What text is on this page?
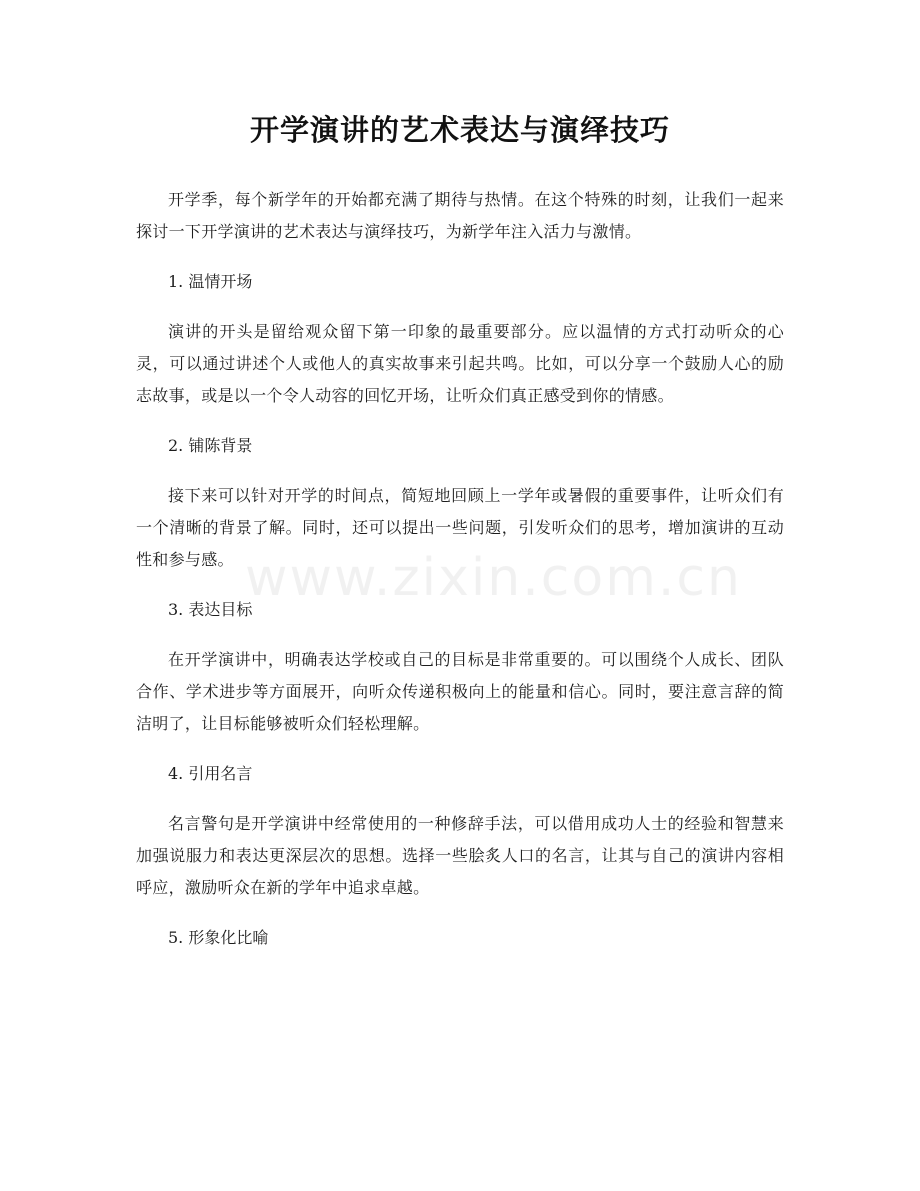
开学演讲的艺术表达与演绎技巧

开学季，每个新学年的开始都充满了期待与热情。在这个特殊的时刻，让我们一起来探讨一下开学演讲的艺术表达与演绎技巧，为新学年注入活力与激情。

1. 温情开场

演讲的开头是留给观众留下第一印象的最重要部分。应以温情的方式打动听众的心灵，可以通过讲述个人或他人的真实故事来引起共鸣。比如，可以分享一个鼓励人心的励志故事，或是以一个令人动容的回忆开场，让听众们真正感受到你的情感。

2. 铺陈背景

接下来可以针对开学的时间点，简短地回顾上一学年或暑假的重要事件，让听众们有一个清晰的背景了解。同时，还可以提出一些问题，引发听众们的思考，增加演讲的互动性和参与感。

3. 表达目标

在开学演讲中，明确表达学校或自己的目标是非常重要的。可以围绕个人成长、团队合作、学术进步等方面展开，向听众传递积极向上的能量和信心。同时，要注意言辞的简洁明了，让目标能够被听众们轻松理解。

4. 引用名言

名言警句是开学演讲中经常使用的一种修辞手法，可以借用成功人士的经验和智慧来加强说服力和表达更深层次的思想。选择一些脍炙人口的名言，让其与自己的演讲内容相呼应，激励听众在新的学年中追求卓越。

5. 形象化比喻

www.zixin.com.cn
